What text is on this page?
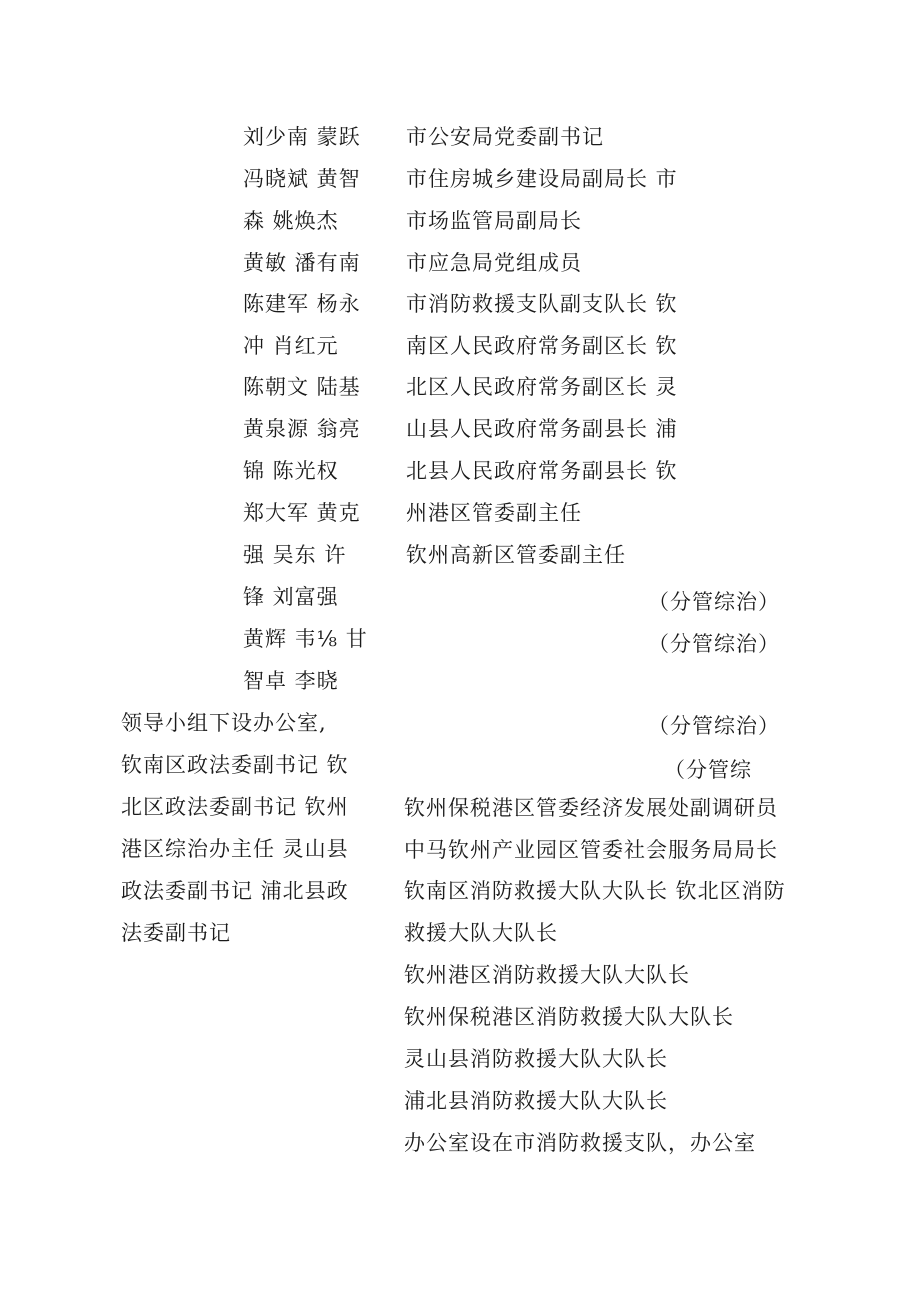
刘少南 蒙跃
冯晓斌 黄智
森 姚焕杰
黄敏 潘有南
陈建军 杨永
冲 肖红元
陈朝文 陆基
黄泉源 翁亮
锦 陈光权
郑大军 黄克
强 吴东 许
锋 刘富强
黄辉 韦⅛ 甘
智卓 李晓
市公安局党委副书记
市住房城乡建设局副局长 市
市场监管局副局长
市应急局党组成员
市消防救援支队副支队长 钦
南区人民政府常务副区长 钦
北区人民政府常务副区长 灵
山县人民政府常务副县长 浦
北县人民政府常务副县长 钦
州港区管委副主任
钦州高新区管委副主任
（分管综治）
（分管综治）
（分管综治）
（分管综
领导小组下设办公室,
钦南区政法委副书记 钦
北区政法委副书记 钦州
港区综治办主任 灵山县
政法委副书记 浦北县政
法委副书记
钦州保税港区管委经济发展处副调研员
中马钦州产业园区管委社会服务局局长
钦南区消防救援大队大队长 钦北区消防
救援大队大队长
钦州港区消防救援大队大队长
钦州保税港区消防救援大队大队长
灵山县消防救援大队大队长
浦北县消防救援大队大队长
办公室设在市消防救援支队，办公室
